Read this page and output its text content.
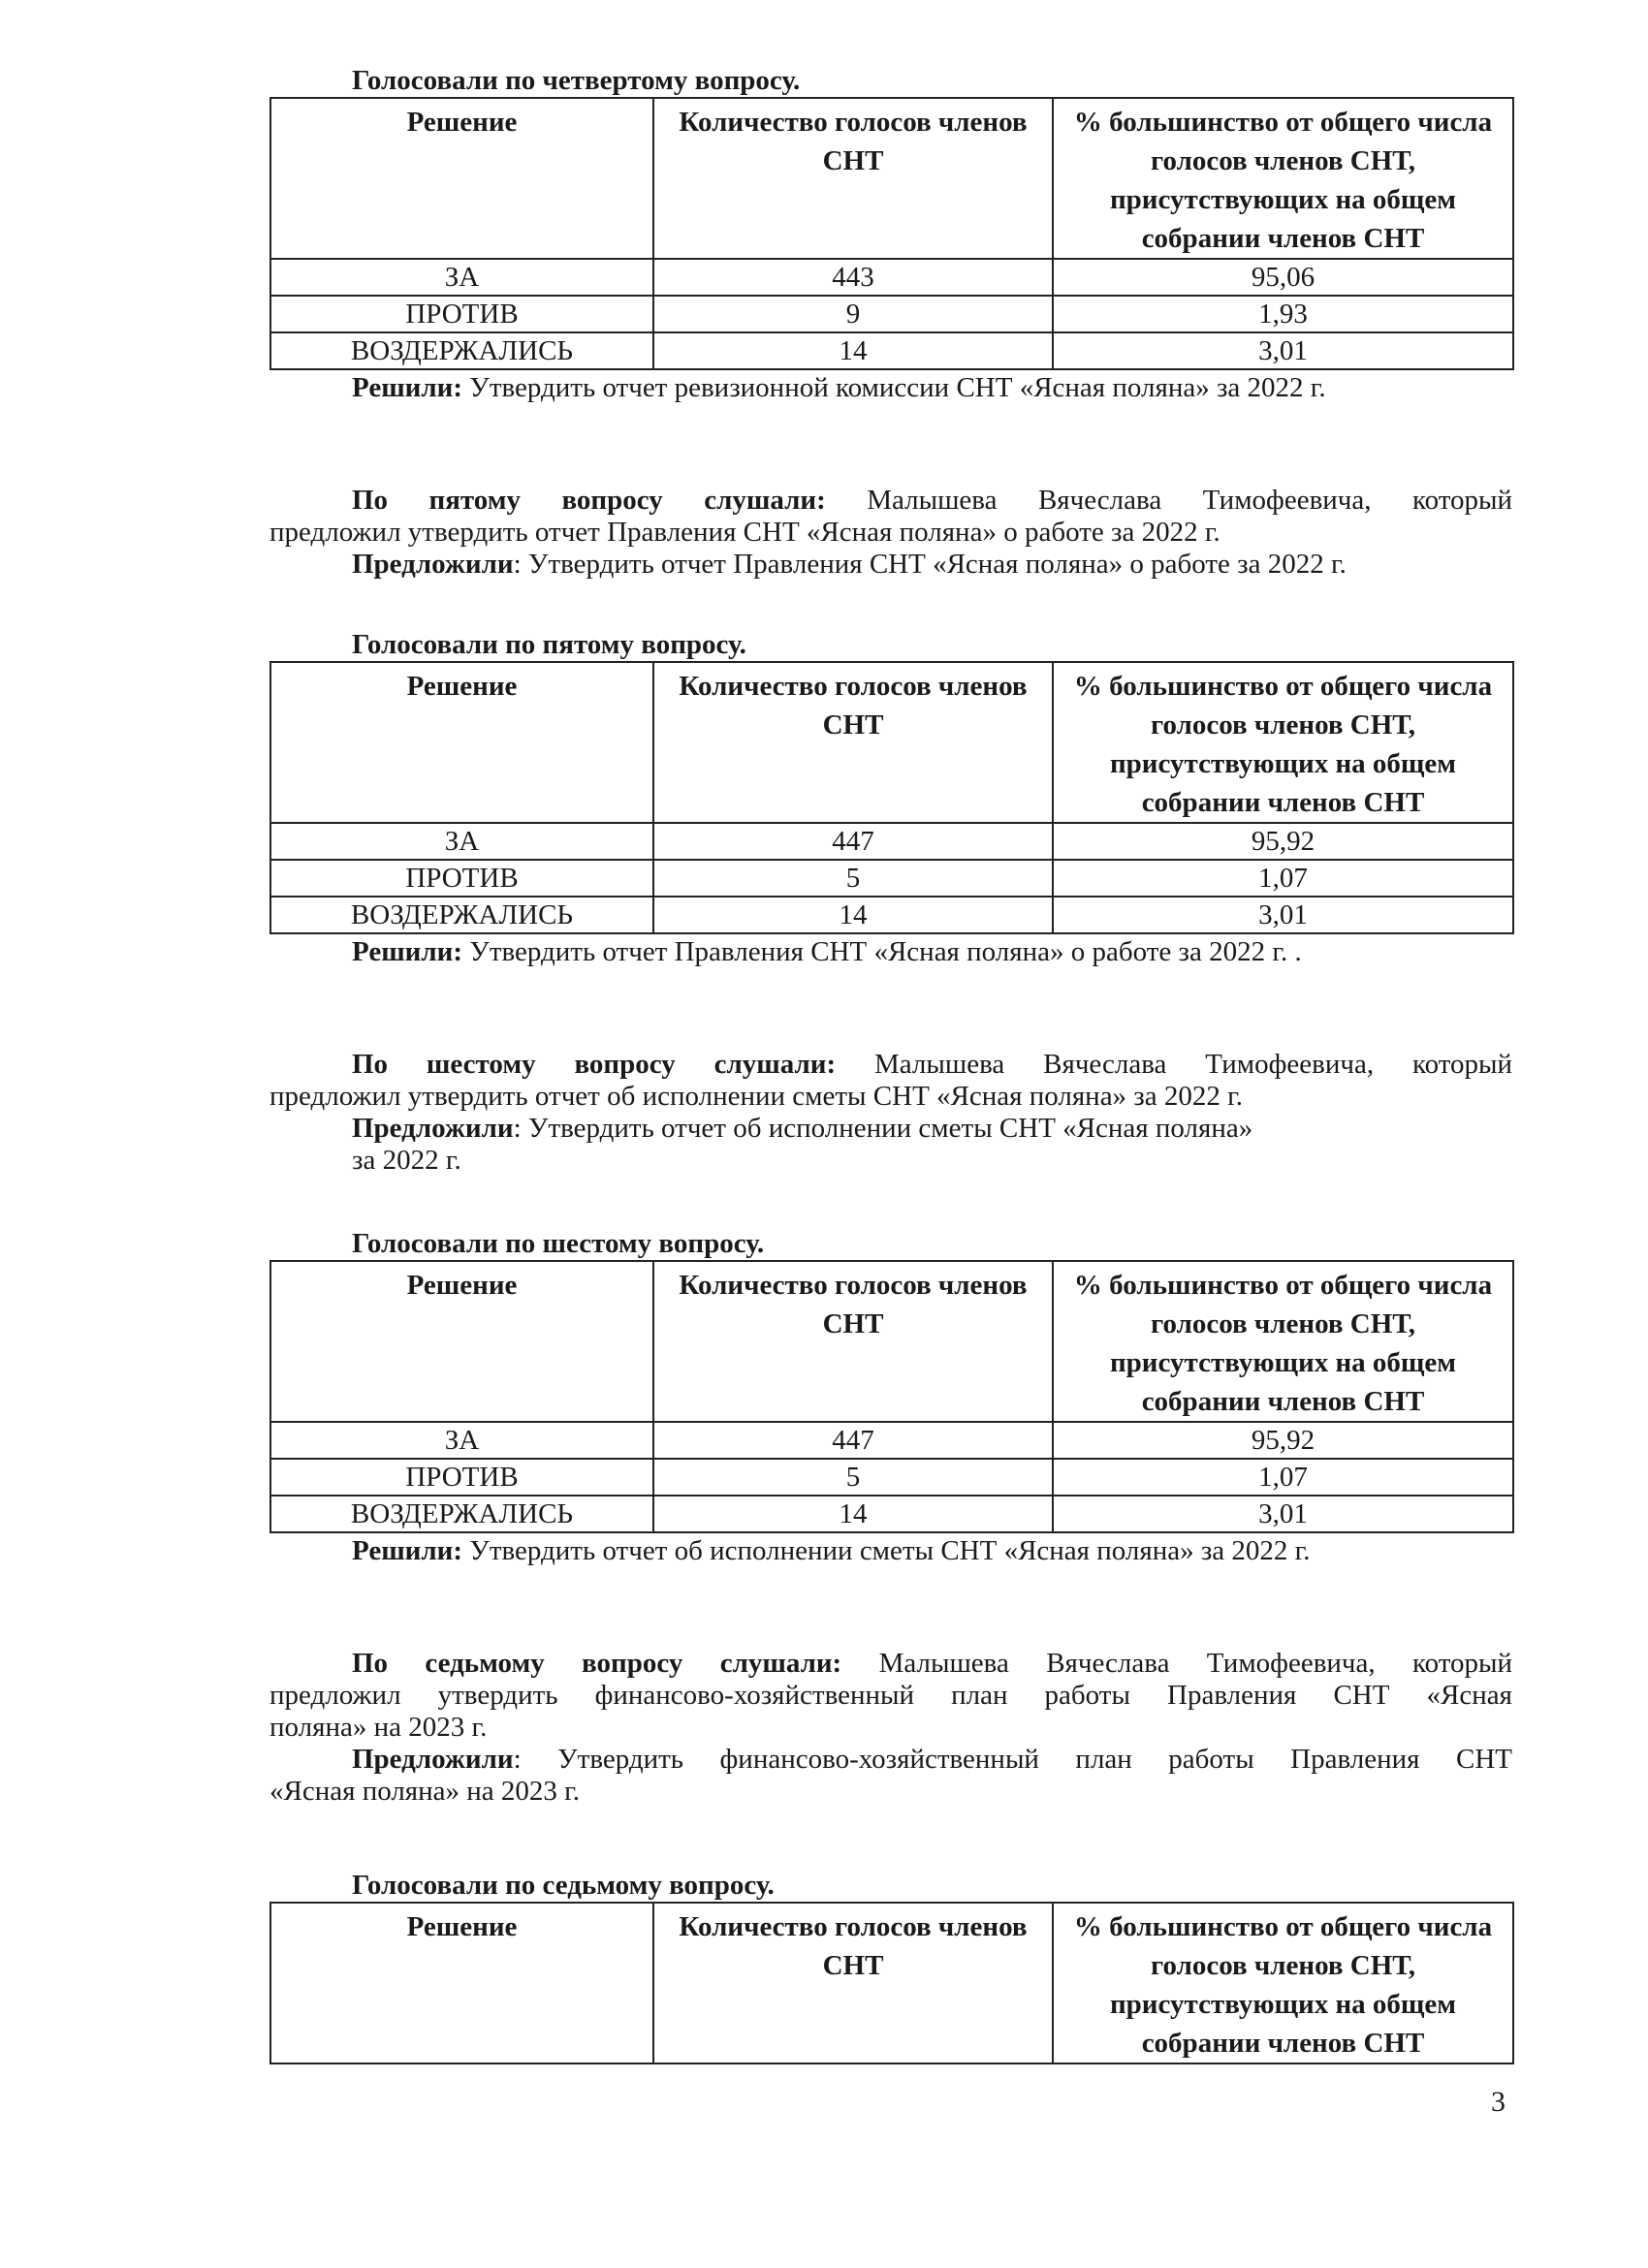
Голосовали по четвертому вопросу.

Решение	Количество голосов членов СНТ	% большинство от общего числа голосов членов СНТ, присутствующих на общем собрании членов СНТ
ЗА	443	95,06
ПРОТИВ	9	1,93
ВОЗДЕРЖАЛИСЬ	14	3,01

Решили: Утвердить отчет ревизионной комиссии СНТ «Ясная поляна» за 2022 г.

По пятому вопросу слушали: Малышева Вячеслава Тимофеевича, который

предложил утвердить отчет Правления СНТ «Ясная поляна» о работе за 2022 г.

Предложили: Утвердить отчет Правления СНТ «Ясная поляна» о работе за 2022 г.

Голосовали по пятому вопросу.

Решение	Количество голосов членов СНТ	% большинство от общего числа голосов членов СНТ, присутствующих на общем собрании членов СНТ
ЗА	447	95,92
ПРОТИВ	5	1,07
ВОЗДЕРЖАЛИСЬ	14	3,01

Решили: Утвердить отчет Правления СНТ «Ясная поляна» о работе за 2022 г. .

По шестому вопросу слушали: Малышева Вячеслава Тимофеевича, который

предложил утвердить отчет об исполнении сметы СНТ «Ясная поляна» за 2022 г.

Предложили: Утвердить отчет об исполнении сметы СНТ «Ясная поляна»

за 2022 г.

Голосовали по шестому вопросу.

Решение	Количество голосов членов СНТ	% большинство от общего числа голосов членов СНТ, присутствующих на общем собрании членов СНТ
ЗА	447	95,92
ПРОТИВ	5	1,07
ВОЗДЕРЖАЛИСЬ	14	3,01

Решили: Утвердить отчет об исполнении сметы СНТ «Ясная поляна» за 2022 г.

По седьмому вопросу слушали: Малышева Вячеслава Тимофеевича, который

предложил утвердить финансово-хозяйственный план работы Правления СНТ «Ясная

поляна» на 2023 г.

Предложили: Утвердить финансово-хозяйственный план работы Правления СНТ

«Ясная поляна» на 2023 г.

Голосовали по седьмому вопросу.

Решение	Количество голосов членов СНТ	% большинство от общего числа голосов членов СНТ, присутствующих на общем собрании членов СНТ
3
